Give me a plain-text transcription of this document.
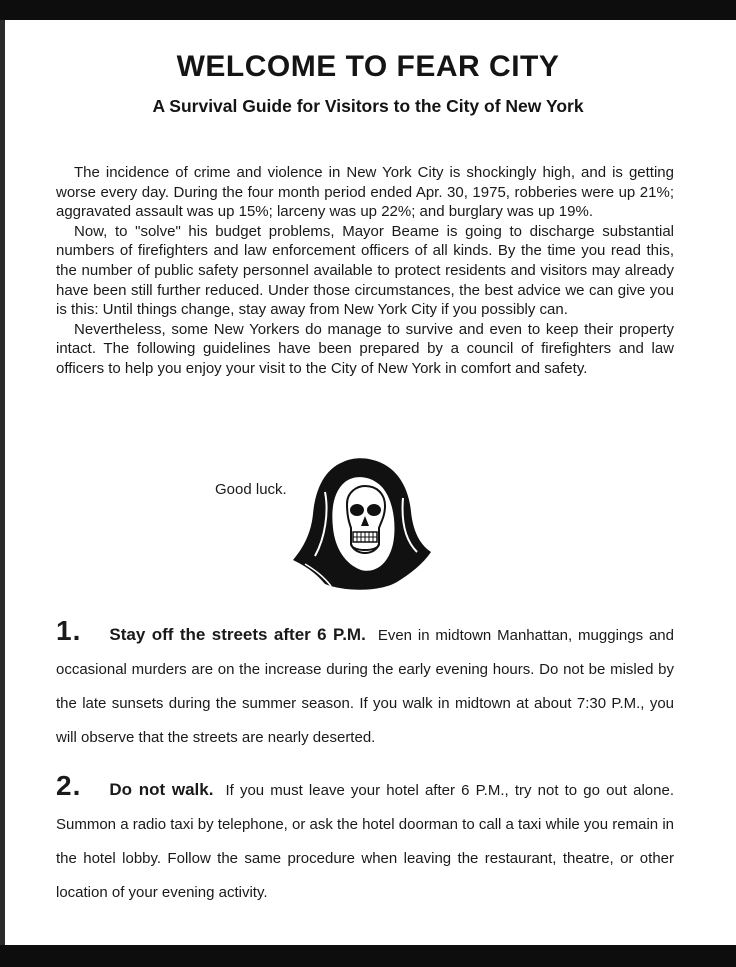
WELCOME TO FEAR CITY
A Survival Guide for Visitors to the City of New York

The incidence of crime and violence in New York City is shockingly high, and is getting worse every day. During the four month period ended Apr. 30, 1975, robberies were up 21%; aggravated assault was up 15%; larceny was up 22%; and burglary was up 19%.

Now, to "solve" his budget problems, Mayor Beame is going to discharge substantial numbers of firefighters and law enforcement officers of all kinds. By the time you read this, the number of public safety personnel available to protect residents and visitors may already have been still further reduced. Under those circumstances, the best advice we can give you is this: Until things change, stay away from New York City if you possibly can.

Nevertheless, some New Yorkers do manage to survive and even to keep their property intact. The following guidelines have been prepared by a council of firefighters and law officers to help you enjoy your visit to the City of New York in comfort and safety.

Good luck.
1. Stay off the streets after 6 P.M. Even in midtown Manhattan, muggings and occasional murders are on the increase during the early evening hours. Do not be misled by the late sunsets during the summer season. If you walk in midtown at about 7:30 P.M., you will observe that the streets are nearly deserted.
2. Do not walk. If you must leave your hotel after 6 P.M., try not to go out alone. Summon a radio taxi by telephone, or ask the hotel doorman to call a taxi while you remain in the hotel lobby. Follow the same procedure when leaving the restaurant, theatre, or other location of your evening activity.
